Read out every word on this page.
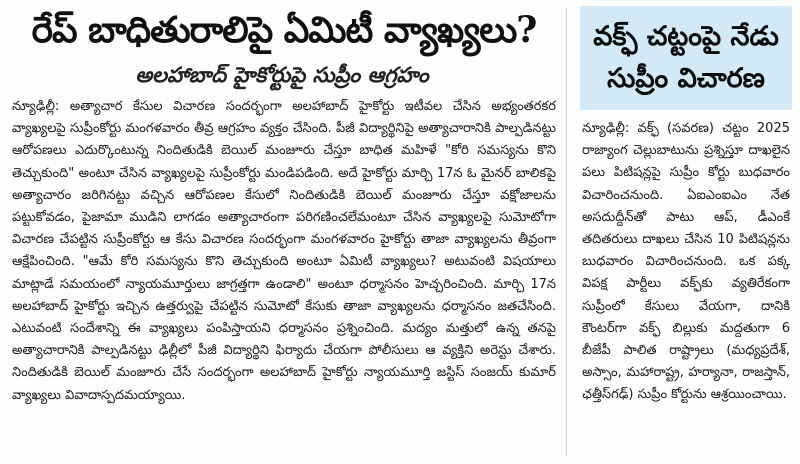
రేప్ బాధితురాలిపై ఏమిటీ వ్యాఖ్యలు?
అలహాబాద్ హైకోర్టుపై సుప్రీం ఆగ్రహం

న్యూఢిల్లీ: అత్యాచార కేసుల విచారణ సందర్భంగా అలహాబాద్ హైకోర్టు ఇటీవల చేసిన అభ్యంతరకర వ్యాఖ్యలపై సుప్రీంకోర్టు మంగళవారం తీవ్ర ఆగ్రహం వ్యక్తం చేసింది. పీజీ విద్యార్థినిపై అత్యాచారానికి పాల్పడినట్టు ఆరోపణలు ఎదుర్కొంటున్న నిందితుడికి బెయిల్ మంజూరు చేస్తూ బాధిత మహిళే "కోరి సమస్యను కొని తెచ్చుకుంది" అంటూ చేసిన వ్యాఖ్యలపై సుప్రీంకోర్టు మండిపడింది. అదే హైకోర్టు మార్చి 17న ఓ మైనర్ బాలికపై అత్యాచారం జరిగినట్టు వచ్చిన ఆరోపణల కేసులో నిందితుడికి బెయిల్ మంజూరు చేస్తూ వక్షోజాలను పట్టుకోవడం, పైజామా ముడిని లాగడం అత్యాచారంగా పరిగణించలేమంటూ చేసిన వ్యాఖ్యలపై సుమోటోగా విచారణ చేపట్టిన సుప్రీంకోర్టు ఆ కేసు విచారణ సందర్భంగా మంగళవారం హైకోర్టు తాజా వ్యాఖ్యలను తీవ్రంగా ఆక్షేపించింది. "ఆమే కోరి సమస్యను కొని తెచ్చుకుంది అంటూ ఏమిటీ వ్యాఖ్యలు? అటువంటి విషయాలు మాట్లాడే సమయంలో న్యాయమూర్తులు జాగ్రత్తగా ఉండాలి" అంటూ ధర్మాసనం హెచ్చరించింది. మార్చి 17న అలహాబాద్ హైకోర్టు ఇచ్చిన ఉత్తర్వుపై చేపట్టిన సుమోటో కేసుకు తాజా వ్యాఖ్యలను ధర్మాసనం జతచేసింది. ఎటువంటి సందేశాన్ని ఈ వ్యాఖ్యలు పంపిస్తాయని ధర్మాసనం ప్రశ్నించింది. మద్యం మత్తులో ఉన్న తనపై అత్యాచారానికి పాల్పడినట్టు ఢిల్లీలో పీజీ విద్యార్థిని ఫిర్యాదు చేయగా పోలీసులు ఆ వ్యక్తిని అరెస్టు చేశారు. నిందితుడికి బెయిల్ మంజూరు చేసే సందర్భంగా అలహాబాద్ హైకోర్టు న్యాయమూర్తి జస్టిస్ సంజయ్ కుమార్ వ్యాఖ్యలు వివాదాస్పదమయ్యాయి.

వక్ఫ్ చట్టంపై నేడు సుప్రీం విచారణ

న్యూఢిల్లీ: వక్ఫ్ (సవరణ) చట్టం 2025 రాజ్యాంగ చెల్లుబాటును ప్రశ్నిస్తూ దాఖలైన పలు పిటిషన్లపై సుప్రీం కోర్టు బుధవారం విచారించనుంది. ఏఐఎంఐఎం నేత అసదుద్దీన్‌తో పాటు ఆప్, డీఎంకే తదితరులు దాఖలు చేసిన 10 పిటిషన్లను బుధవారం విచారించనుంది. ఒక పక్క విపక్ష పార్టీలు వక్ఫ్‌కు వ్యతిరేకంగా సుప్రీంలో కేసులు వేయగా, దానికి కౌంటర్‌గా వక్ఫ్ బిల్లుకు మద్దతుగా 6 బీజేపీ పాలిత రాష్ట్రాలు (మధ్యప్రదేశ్, అస్సాం, మహారాష్ట్ర, హర్యానా, రాజస్తాన్, ఛత్తీస్‌గఢ్) సుప్రీం కోర్టును ఆశ్రయించాయి.
